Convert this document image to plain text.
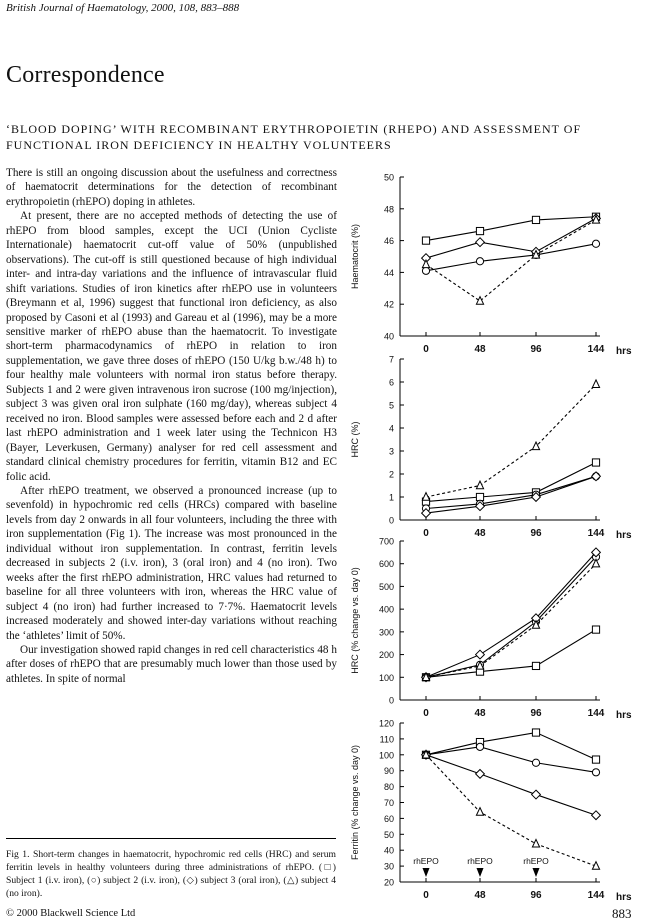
British Journal of Haematology, 2000, 108, 883–888
Correspondence
‘BLOOD DOPING’ WITH RECOMBINANT ERYTHROPOIETIN (RHEPO) AND ASSESSMENT OF FUNCTIONAL IRON DEFICIENCY IN HEALTHY VOLUNTEERS

There is still an ongoing discussion about the usefulness and correctness of haematocrit determinations for the detection of recombinant erythropoietin (rhEPO) doping in athletes.

At present, there are no accepted methods of detecting the use of rhEPO from blood samples, except the UCI (Union Cycliste Internationale) haematocrit cut-off value of 50% (unpublished observations). The cut-off is still questioned because of high individual inter- and intra-day variations and the influence of intravascular fluid shift variations. Studies of iron kinetics after rhEPO use in volunteers (Breymann et al, 1996) suggest that functional iron deficiency, as also proposed by Casoni et al (1993) and Gareau et al (1996), may be a more sensitive marker of rhEPO abuse than the haematocrit. To investigate short-term pharmacodynamics of rhEPO in relation to iron supplementation, we gave three doses of rhEPO (150 U/kg b.w./48 h) to four healthy male volunteers with normal iron status before therapy. Subjects 1 and 2 were given intravenous iron sucrose (100 mg/injection), subject 3 was given oral iron sulphate (160 mg/day), whereas subject 4 received no iron. Blood samples were assessed before each and 2 d after last rhEPO administration and 1 week later using the Technicon H3 (Bayer, Leverkusen, Germany) analyser for red cell assessment and standard clinical chemistry procedures for ferritin, vitamin B12 and EC folic acid.

After rhEPO treatment, we observed a pronounced increase (up to sevenfold) in hypochromic red cells (HRCs) compared with baseline levels from day 2 onwards in all four volunteers, including the three with iron supplementation (Fig 1). The increase was most pronounced in the individual without iron supplementation. In contrast, ferritin levels decreased in subjects 2 (i.v. iron), 3 (oral iron) and 4 (no iron). Two weeks after the first rhEPO administration, HRC values had returned to baseline for all three volunteers with iron, whereas the HRC value of subject 4 (no iron) had further increased to 7·7%. Haematocrit levels increased moderately and showed inter-day variations without reaching the ‘athletes’ limit of 50%.

Our investigation showed rapid changes in red cell characteristics 48 h after doses of rhEPO that are presumably much lower than those used by athletes. In spite of normal

Fig 1. Short-term changes in haematocrit, hypochromic red cells (HRC) and serum ferritin levels in healthy volunteers during three administrations of rhEPO. (□) Subject 1 (i.v. iron), (○) subject 2 (i.v. iron), (◇) subject 3 (oral iron), (△) subject 4 (no iron).
© 2000 Blackwell Science Ltd	883
40
42
44
46
48
50
0	48	96	144 hrs
Haematocrit (%)
0
1
2
3
4
5
6
7
0	48	96	144 hrs
HRC (%)
0
100
200
300
400
500
600
700
0	48	96	144 hrs
HRC (% change vs. day 0)
20
30
40
50
60
70
80
90
100
110
120
0	48	96	144 hrs
Ferritin (% change vs. day 0)
rhEPO	rhEPO	rhEPO
